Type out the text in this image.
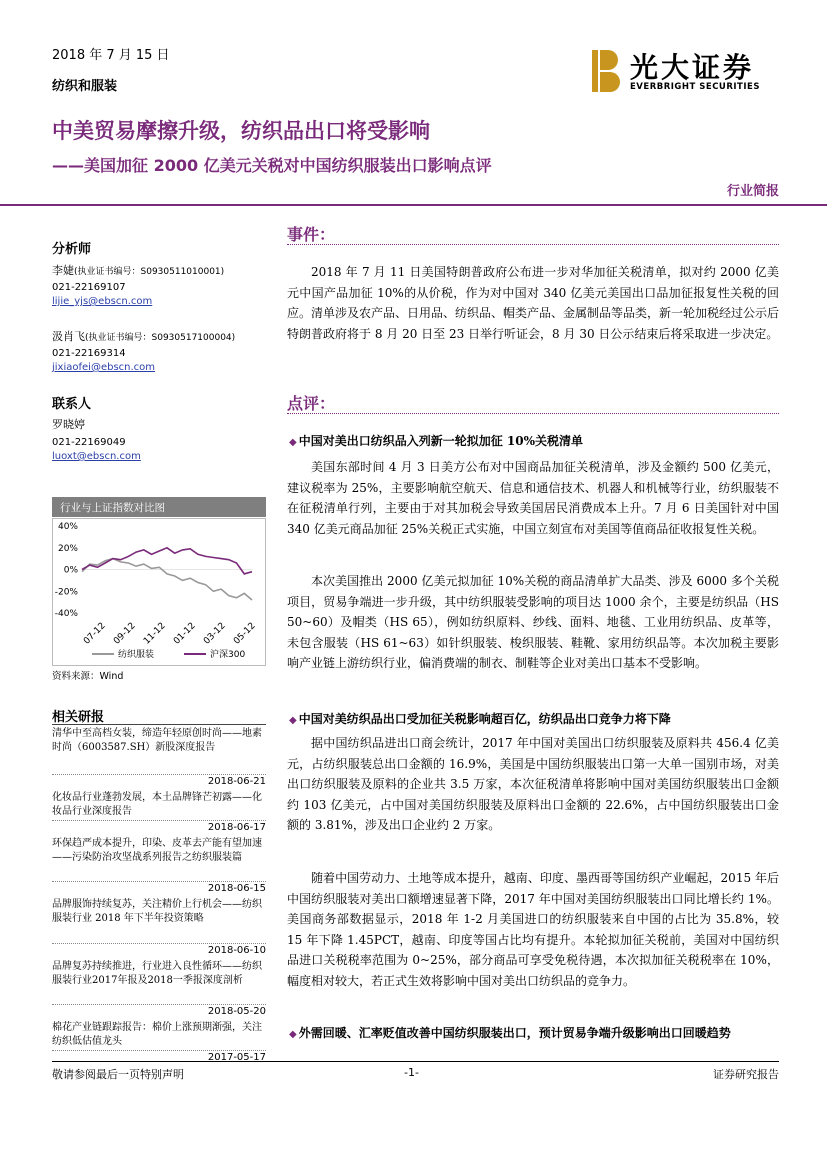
2018 年 7 月 15 日
纺织和服装
光大证券
EVERBRIGHT SECURITIES
中美贸易摩擦升级，纺织品出口将受影响
——美国加征 2000 亿美元关税对中国纺织服装出口影响点评
行业简报
分析师
李婕(执业证书编号：S0930511010001)
021-22169107
lijie_yjs@ebscn.com
汲肖飞(执业证书编号：S0930517100004)
021-22169314
jixiaofei@ebscn.com
联系人
罗晓婷
021-22169049
luoxt@ebscn.com
行业与上证指数对比图
40%
20%
0%
-20%
-40%
07-12 09-12 11-12 01-12 03-12 05-12
纺织服装	沪深300
资料来源：Wind
相关研报
清华中至高档女装，缔造年轻原创时尚——地素时尚（6003587.SH）新股深度报告
2018-06-21
化妆品行业蓬勃发展，本土品牌锋芒初露——化妆品行业深度报告
2018-06-17
环保趋严成本提升，印染、皮革去产能有望加速——污染防治攻坚战系列报告之纺织服装篇
2018-06-15
品牌服饰持续复苏，关注精价上行机会——纺织服装行业 2018 年下半年投资策略
2018-06-10
品牌复苏持续推进，行业进入良性循环——纺织服装行业2017年报及2018一季报深度剖析
2018-05-20
棉花产业链跟踪报告：棉价上涨预期渐强，关注纺织低估值龙头
2017-05-17
事件：
2018 年 7 月 11 日美国特朗普政府公布进一步对华加征关税清单，拟对约 2000 亿美元中国产品加征 10%的从价税，作为对中国对 340 亿美元美国出口品加征报复性关税的回应。清单涉及农产品、日用品、纺织品、帽类产品、金属制品等品类，新一轮加税经过公示后特朗普政府将于 8 月 20 日至 23 日举行听证会，8 月 30 日公示结束后将采取进一步决定。
点评：
◆ 中国对美出口纺织品入列新一轮拟加征 10%关税清单
美国东部时间 4 月 3 日美方公布对中国商品加征关税清单，涉及金额约 500 亿美元，建议税率为 25%，主要影响航空航天、信息和通信技术、机器人和机械等行业，纺织服装不在征税清单行列，主要由于对其加税会导致美国居民消费成本上升。7 月 6 日美国针对中国 340 亿美元商品加征 25%关税正式实施，中国立刻宣布对美国等值商品征收报复性关税。
本次美国推出 2000 亿美元拟加征 10%关税的商品清单扩大品类、涉及 6000 多个关税项目，贸易争端进一步升级，其中纺织服装受影响的项目达 1000 余个，主要是纺织品（HS 50~60）及帽类（HS 65），例如纺织原料、纱线、面料、地毯、工业用纺织品、皮革等，未包含服装（HS 61~63）如针织服装、梭织服装、鞋靴、家用纺织品等。本次加税主要影响产业链上游纺织行业，偏消费端的制衣、制鞋等企业对美出口基本不受影响。
◆ 中国对美纺织品出口受加征关税影响超百亿，纺织品出口竞争力将下降
据中国纺织品进出口商会统计，2017 年中国对美国出口纺织服装及原料共 456.4 亿美元，占纺织服装总出口金额的 16.9%，美国是中国纺织服装出口第一大单一国别市场，对美出口纺织服装及原料的企业共 3.5 万家，本次征税清单将影响中国对美国纺织服装出口金额约 103 亿美元，占中国对美国纺织服装及原料出口金额的 22.6%，占中国纺织服装出口金额的 3.81%，涉及出口企业约 2 万家。
随着中国劳动力、土地等成本提升，越南、印度、墨西哥等国纺织产业崛起，2015 年后中国纺织服装对美出口额增速显著下降，2017 年中国对美国纺织服装出口同比增长约 1%。美国商务部数据显示，2018 年 1-2 月美国进口的纺织服装来自中国的占比为 35.8%，较 15 年下降 1.45PCT，越南、印度等国占比均有提升。本轮拟加征关税前，美国对中国纺织品进口关税税率范围为 0~25%，部分商品可享受免税待遇，本次拟加征关税税率在 10%，幅度相对较大，若正式生效将影响中国对美出口纺织品的竞争力。
◆ 外需回暖、汇率贬值改善中国纺织服装出口，预计贸易争端升级影响出口回暖趋势
敬请参阅最后一页特别声明	-1-	证券研究报告
